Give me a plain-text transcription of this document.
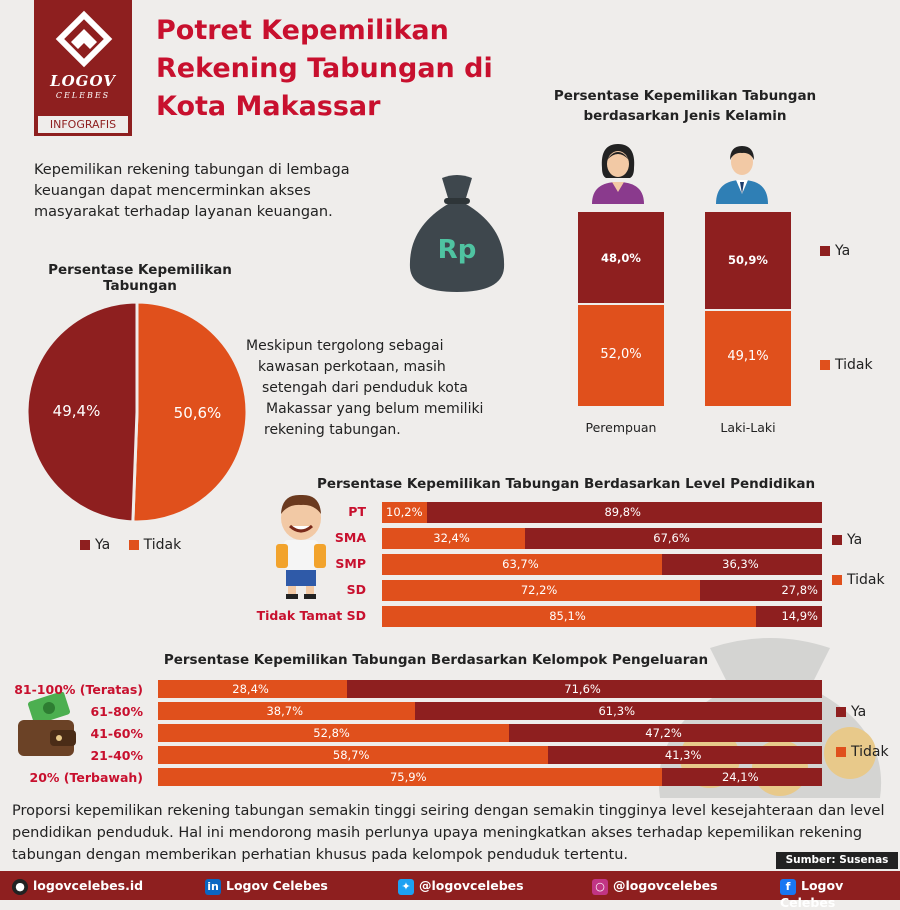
LOGOV
CELEBES
INFOGRAFIS
Potret Kepemilikan
Rekening Tabungan di
Kota Makassar
Kepemilikan rekening tabungan di lembaga keuangan dapat mencerminkan akses masyarakat terhadap layanan keuangan.
Rp
Persentase Kepemilikan Tabungan
50,6%
49,4%
Ya Tidak
Meskipun tergolong sebagai
kawasan perkotaan, masih
setengah dari penduduk kota
Makassar yang belum memiliki
rekening tabungan.
Persentase Kepemilikan Tabungan berdasarkan Jenis Kelamin
48,0%
52,0%
50,9%
49,1%
Perempuan	Laki-Laki
Ya
Tidak
Persentase Kepemilikan Tabungan Berdasarkan Level Pendidikan
PT 10,2%	89,8%
SMA	32,4%	67,6%
SMP	63,7%	36,3%
SD	72,2%	27,8%
Tidak Tamat SD	85,1%	14,9%
Ya
Tidak
Persentase Kepemilikan Tabungan Berdasarkan Kelompok Pengeluaran
81-100% (Teratas)	28,4%	71,6%
61-80%	38,7%	61,3%
41-60%	52,8%	47,2%
21-40%	58,7%	41,3%
20% (Terbawah)	75,9%	24,1%
Ya
Tidak
Proporsi kepemilikan rekening tabungan semakin tinggi seiring dengan semakin tingginya level kesejahteraan dan level pendidikan penduduk. Hal ini mendorong masih perlunya upaya meningkatkan akses terhadap kepemilikan rekening tabungan dengan memberikan perhatian khusus pada kelompok penduduk tertentu.	Sumber: Susenas
● logovcelebes.id	in Logov Celebes	✦ @logovcelebes	○ @logovcelebes	f Logov Celebes
